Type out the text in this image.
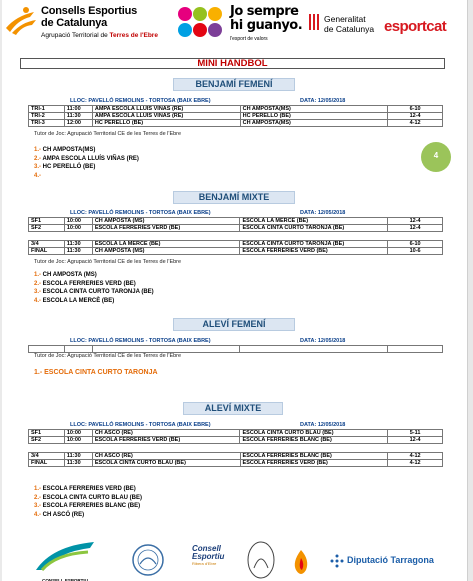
Consells Esportius
de Catalunya
Agrupació Territorial de Terres de l'Ebre
Jo sempre
hi guanyo.
l'esport de valors
Generalitat
de Catalunya esportcat
MINI HANDBOL
BENJAMÍ FEMENÍ
LLOC: PAVELLÓ REMOLINS - TORTOSA (BAIX EBRE)	DATA: 12/05/2018
TRI-1	11:00	AMPA ESCOLA LLUÍS VIÑAS (RE)	CH AMPOSTA(MS)	6-10
TRI-2	11:30	AMPA ESCOLA LLUÍS VIÑAS (RE)	HC PERELLÓ (BE)	12-4
TRI-3	12:00	HC PERELLÓ (BE)	CH AMPOSTA(MS)	4-12
Tutor de Joc: Agrupació Territorial CE de les Terres de l'Ebre
1.- CH AMPOSTA(MS)
2.- AMPA ESCOLA LLUÍS VIÑAS (RE)
3.- HC PERELLÓ (BE)
4.-
4
BENJAMÍ MIXTE
LLOC: PAVELLÓ REMOLINS - TORTOSA (BAIX EBRE)	DATA: 12/05/2018
SF1	10:00	CH AMPOSTA (MS)	ESCOLA LA MERCÈ (BE)	12-4
SF2	10:00	ESCOLA FERRERIES VERD (BE)	ESCOLA CINTA CURTO TARONJA (BE)	12-4
3/4	11:30	ESCOLA LA MERCÈ (BE)	ESCOLA CINTA CURTO TARONJA (BE)	6-10
FINAL	11:30	CH AMPOSTA (MS)	ESCOLA FERRERIES VERD (BE)	10-6
Tutor de Joc: Agrupació Territorial CE de les Terres de l'Ebre
1.- CH AMPOSTA (MS)
2.- ESCOLA FERRERIES VERD (BE)
3.- ESCOLA CINTA CURTO TARONJA (BE)
4.- ESCOLA LA MERCÈ (BE)
ALEVÍ FEMENÍ
LLOC: PAVELLÓ REMOLINS - TORTOSA (BAIX EBRE)	DATA: 12/05/2018

Tutor de Joc: Agrupació Territorial CE de les Terres de l'Ebre
1.- ESCOLA CINTA CURTO TARONJA
ALEVÍ MIXTE
LLOC: PAVELLÓ REMOLINS - TORTOSA (BAIX EBRE)	DATA: 12/05/2018
SF1	10:00	CH ASCÓ (RE)	ESCOLA CINTA CURTO BLAU (BE)	5-11
SF2	10:00	ESCOLA FERRERIES VERD (BE)	ESCOLA FERRERIES BLANC (BE)	12-4
3/4	11:30	CH ASCÓ (RE)	ESCOLA FERRERIES BLANC (BE)	4-12
FINAL	11:30	ESCOLA CINTA CURTO BLAU (BE)	ESCOLA FERRERIES VERD (BE)	4-12
1.- ESCOLA FERRERIES VERD (BE)
2.- ESCOLA CINTA CURTO BLAU (BE)
3.- ESCOLA FERRERIES BLANC (BE)
4.- CH ASCÓ (RE)
CONSELL ESPORTIU
Consell
Esportiu
Ribera d'Ebre	Diputació Tarragona
